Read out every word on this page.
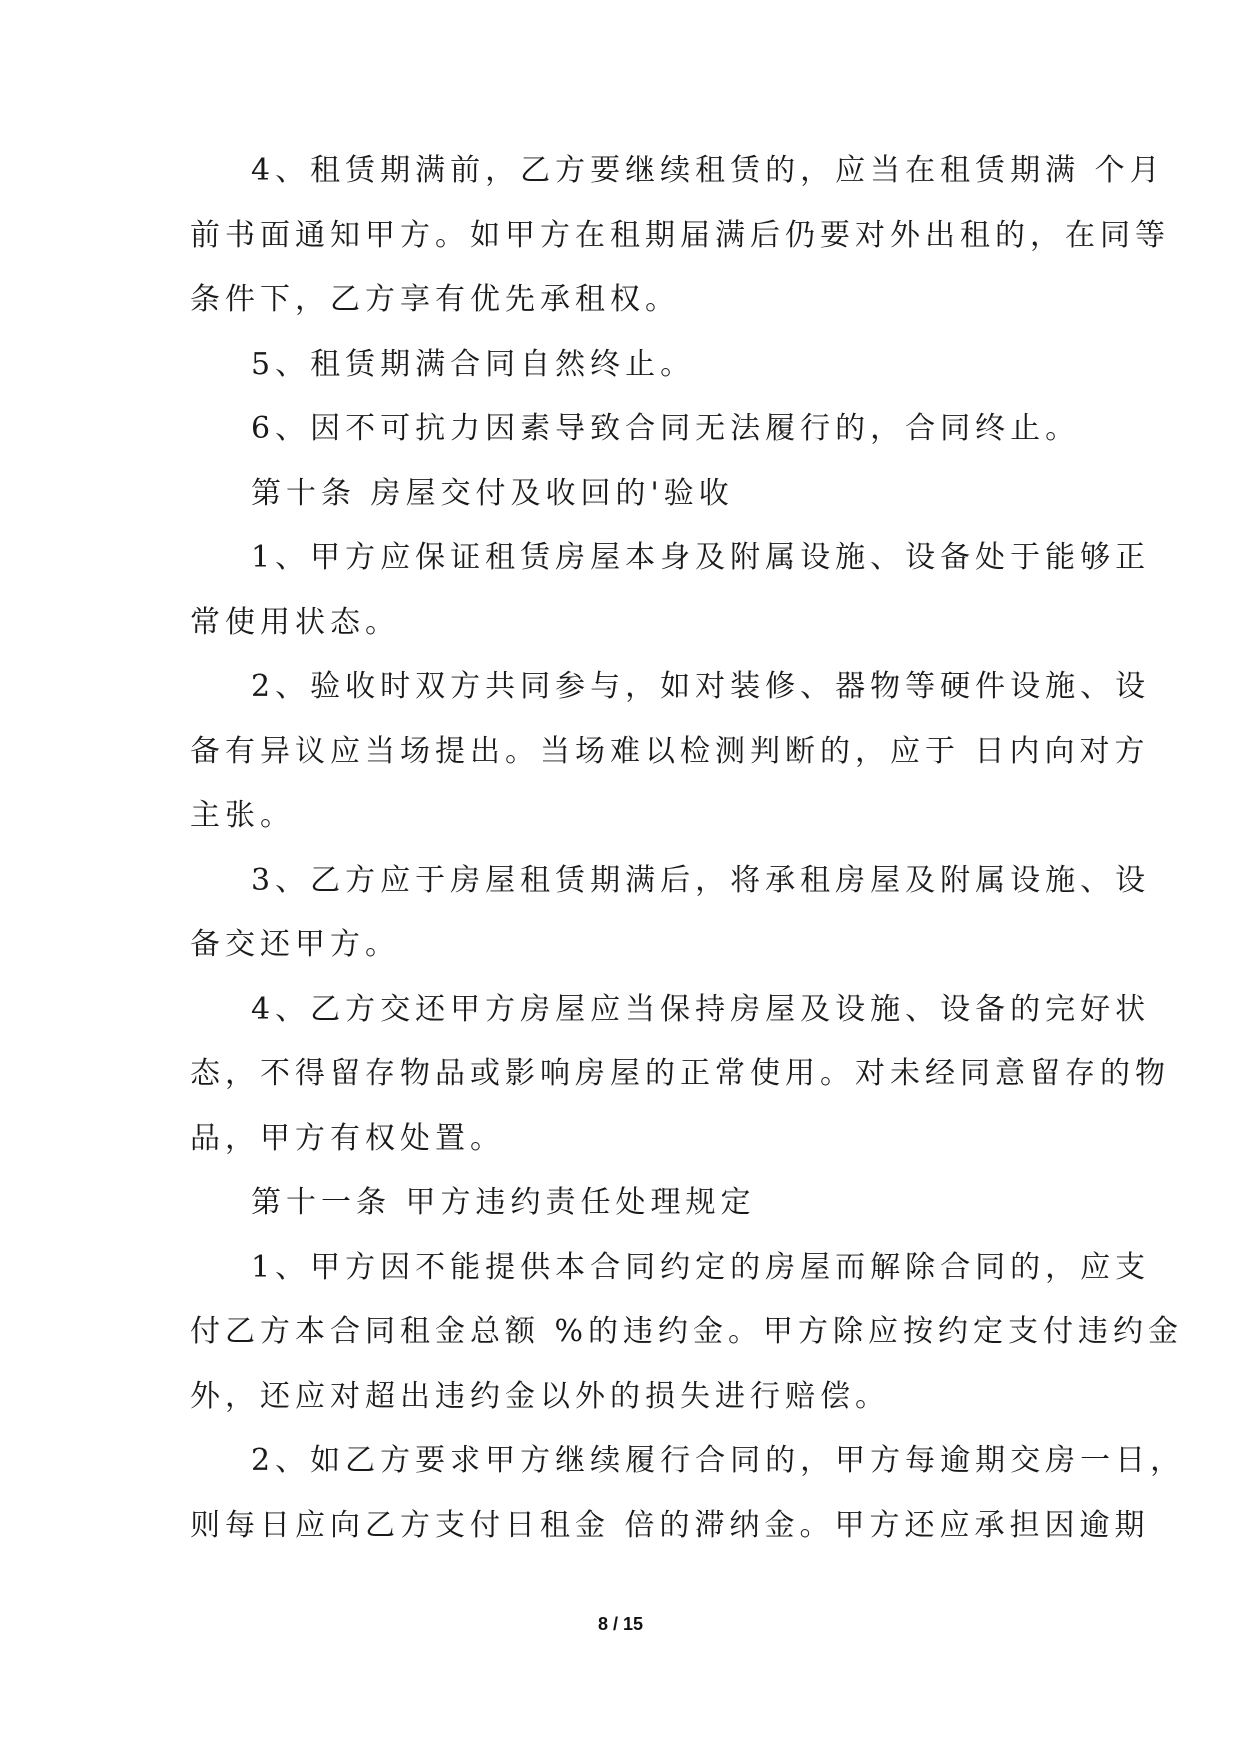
4、租赁期满前，乙方要继续租赁的，应当在租赁期满 个月
前书面通知甲方。如甲方在租期届满后仍要对外出租的，在同等
条件下，乙方享有优先承租权。
5、租赁期满合同自然终止。
6、因不可抗力因素导致合同无法履行的，合同终止。
第十条 房屋交付及收回的'验收
1、甲方应保证租赁房屋本身及附属设施、设备处于能够正
常使用状态。
2、验收时双方共同参与，如对装修、器物等硬件设施、设
备有异议应当场提出。当场难以检测判断的，应于 日内向对方
主张。
3、乙方应于房屋租赁期满后，将承租房屋及附属设施、设
备交还甲方。
4、乙方交还甲方房屋应当保持房屋及设施、设备的完好状
态，不得留存物品或影响房屋的正常使用。对未经同意留存的物
品，甲方有权处置。
第十一条 甲方违约责任处理规定
1、甲方因不能提供本合同约定的房屋而解除合同的，应支
付乙方本合同租金总额 %的违约金。甲方除应按约定支付违约金
外，还应对超出违约金以外的损失进行赔偿。
2、如乙方要求甲方继续履行合同的，甲方每逾期交房一日，
则每日应向乙方支付日租金 倍的滞纳金。甲方还应承担因逾期
8 / 15
